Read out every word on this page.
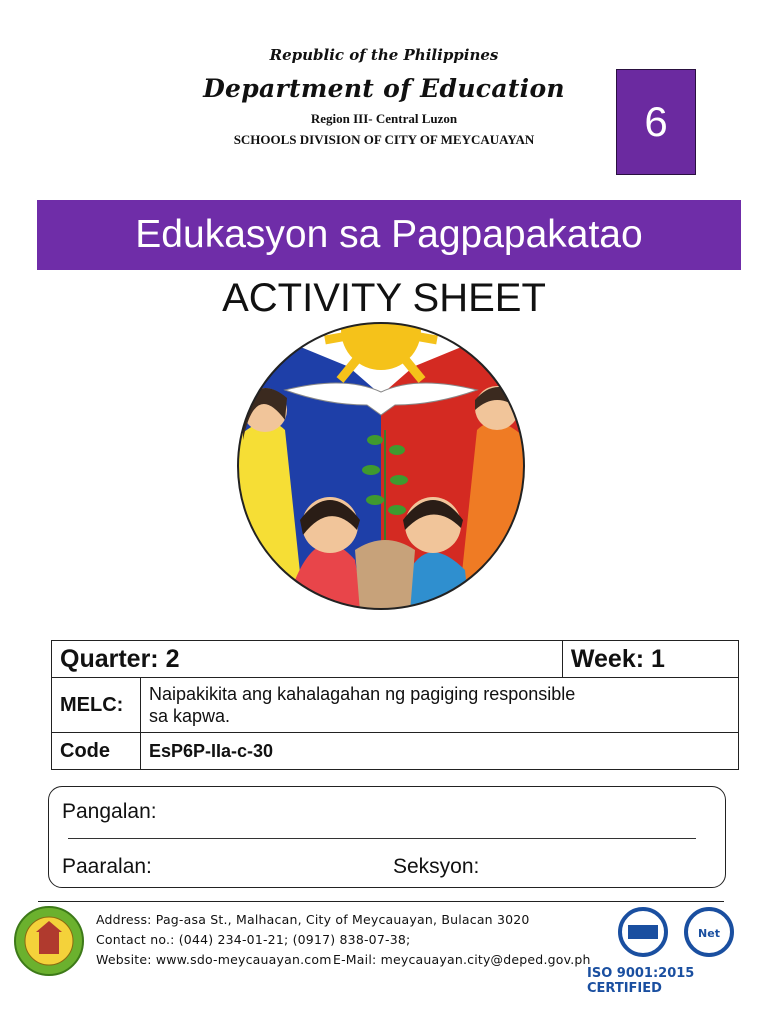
Republic of the Philippines
Department of Education
Region III- Central Luzon
SCHOOLS DIVISION OF CITY OF MEYCAUAYAN	6
Edukasyon sa Pagpapakatao
ACTIVITY SHEET
Quarter: 2		Week: 1
MELC:	Naipakikita ang kahalagahan ng pagiging responsible
sa kapwa.	

Code	EsP6P-IIa-c-30	
Pangalan:
Paaralan:	Seksyon:
Address: Pag-asa St., Malhacan, City of Meycauayan, Bulacan 3020
Contact no.: (044) 234-01-21; (0917) 838-07-38;
Website: www.sdo-meycauayan.com E-Mail: meycauayan.city@deped.gov.ph
Net
ISO 9001:2015 CERTIFIED
